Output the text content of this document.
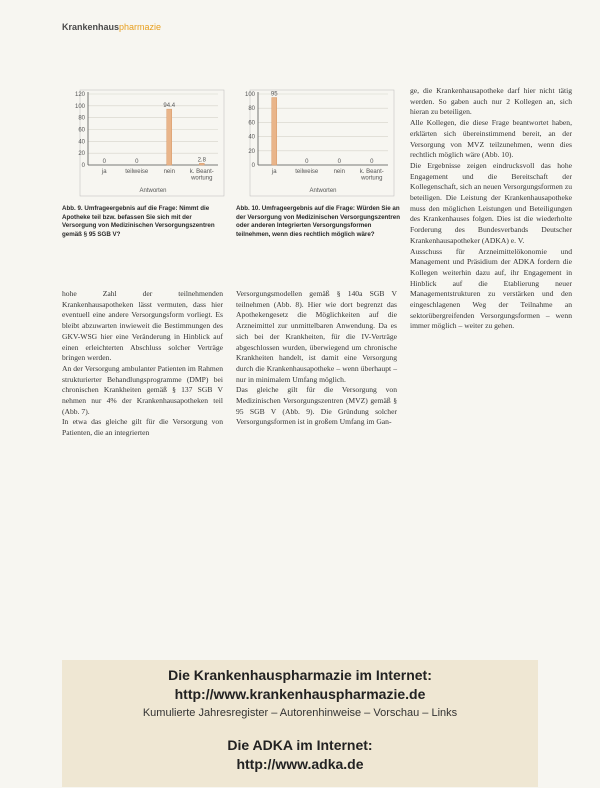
Krankenhauspharmazie
0
20
40
60
80
100
120
0
ja
0
teilweise
94.4
nein
2.8
k. Beant-
wortung
Antworten
0
20
40
60
80
100	95
ja
0
teilweise
0
nein
0
k. Beant-
wortung
Antworten
Abb. 9. Umfrageergebnis auf die Frage: Nimmt die Apotheke teil bzw. befassen Sie sich mit der Versorgung von Medizinischen Versorgungszentren gemäß § 95 SGB V?
Abb. 10. Umfrageergebnis auf die Frage: Würden Sie an der Versorgung von Medizinischen Versorgungszentren oder anderen Integrierten Versorgungsformen teilnehmen, wenn dies rechtlich möglich wäre?

hohe Zahl der teilnehmenden Krankenhausapotheken lässt vermuten, dass hier eventuell eine andere Versorgungsform vorliegt. Es bleibt abzuwarten inwieweit die Bestimmungen des GKV-WSG hier eine Veränderung in Hinblick auf einen erleichterten Abschluss solcher Verträge bringen werden.

An der Versorgung ambulanter Patienten im Rahmen strukturierter Behandlungsprogramme (DMP) bei chronischen Krankheiten gemäß § 137 SGB V nehmen nur 4% der Krankenhausapotheken teil (Abb. 7).

In etwa das gleiche gilt für die Versorgung von Patienten, die an integrierten

Versorgungsmodellen gemäß § 140a SGB V teilnehmen (Abb. 8). Hier wie dort begrenzt das Apothekengesetz die Möglichkeiten auf die Arzneimittel zur unmittelbaren Anwendung. Da es sich bei der Krankheiten, für die IV-Verträge abgeschlossen wurden, überwiegend um chronische Krankheiten handelt, ist damit eine Versorgung durch die Krankenhausapotheke – wenn überhaupt – nur in minimalem Umfang möglich.

Das gleiche gilt für die Versorgung von Medizinischen Versorgungszentren (MVZ) gemäß § 95 SGB V (Abb. 9). Die Gründung solcher Versorgungsformen ist in großem Umfang im Gan-

ge, die Krankenhausapotheke darf hier nicht tätig werden. So gaben auch nur 2 Kollegen an, sich hieran zu beteiligen.

Alle Kollegen, die diese Frage beantwortet haben, erklärten sich übereinstimmend bereit, an der Versorgung von MVZ teilzunehmen, wenn dies rechtlich möglich wäre (Abb. 10).

Die Ergebnisse zeigen eindrucksvoll das hohe Engagement und die Bereitschaft der Kollegenschaft, sich an neuen Versorgungsformen zu beteiligen. Die Leistung der Krankenhausapotheke muss den möglichen Leistungen und Beteiligungen des Krankenhauses folgen. Dies ist die wiederholte Forderung des Bundesverbands Deutscher Krankenhausapotheker (ADKA) e. V.

Ausschuss für Arzneimittelökonomie und Management und Präsidium der ADKA fordern die Kollegen weiterhin dazu auf, ihr Engagement in Hinblick auf die Etablierung neuer Managementstrukturen zu verstärken und den eingeschlagenen Weg der Teilnahme an sektorübergreifenden Versorgungsformen – wenn immer möglich – weiter zu gehen.

Die Krankenhauspharmazie im Internet:
http://www.krankenhauspharmazie.de
Kumulierte Jahresregister – Autorenhinweise – Vorschau – Links
Die ADKA im Internet:
http://www.adka.de
